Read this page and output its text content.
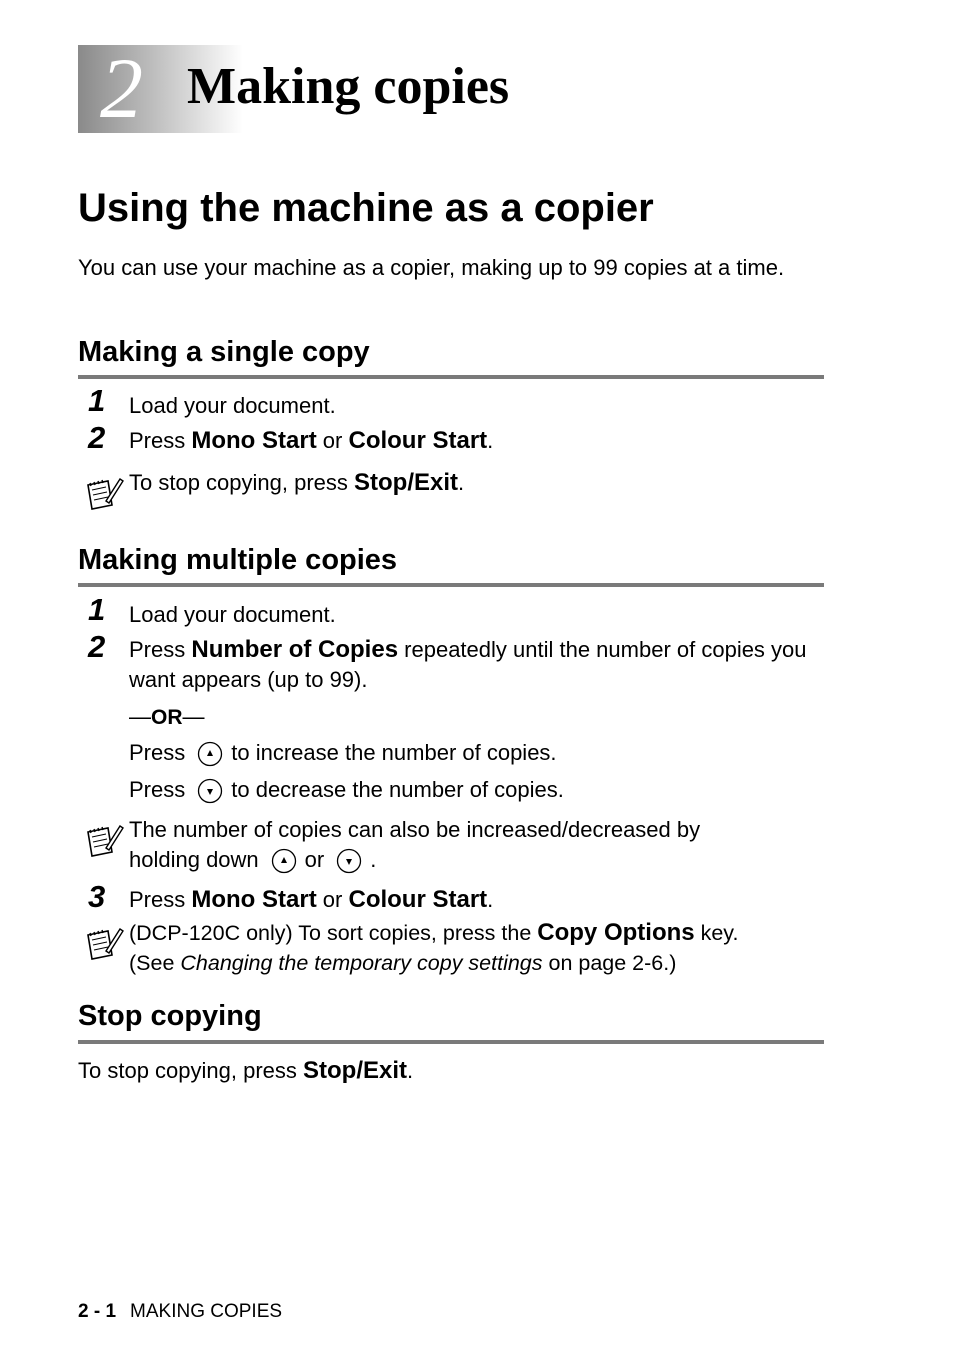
2 Making copies
Using the machine as a copier
You can use your machine as a copier, making up to 99 copies at a time.
Making a single copy
1 Load your document.
2 Press Mono Start or Colour Start.
To stop copying, press Stop/Exit.
Making multiple copies
1 Load your document.
2 Press Number of Copies repeatedly until the number of copies you want appears (up to 99).
—OR—
Press to increase the number of copies.
Press to decrease the number of copies.
The number of copies can also be increased/decreased by
holding down or .
3 Press Mono Start or Colour Start.
(DCP-120C only) To sort copies, press the Copy Options key.
(See Changing the temporary copy settings on page 2-6.)
Stop copying
To stop copying, press Stop/Exit.
2 - 1 MAKING COPIES
